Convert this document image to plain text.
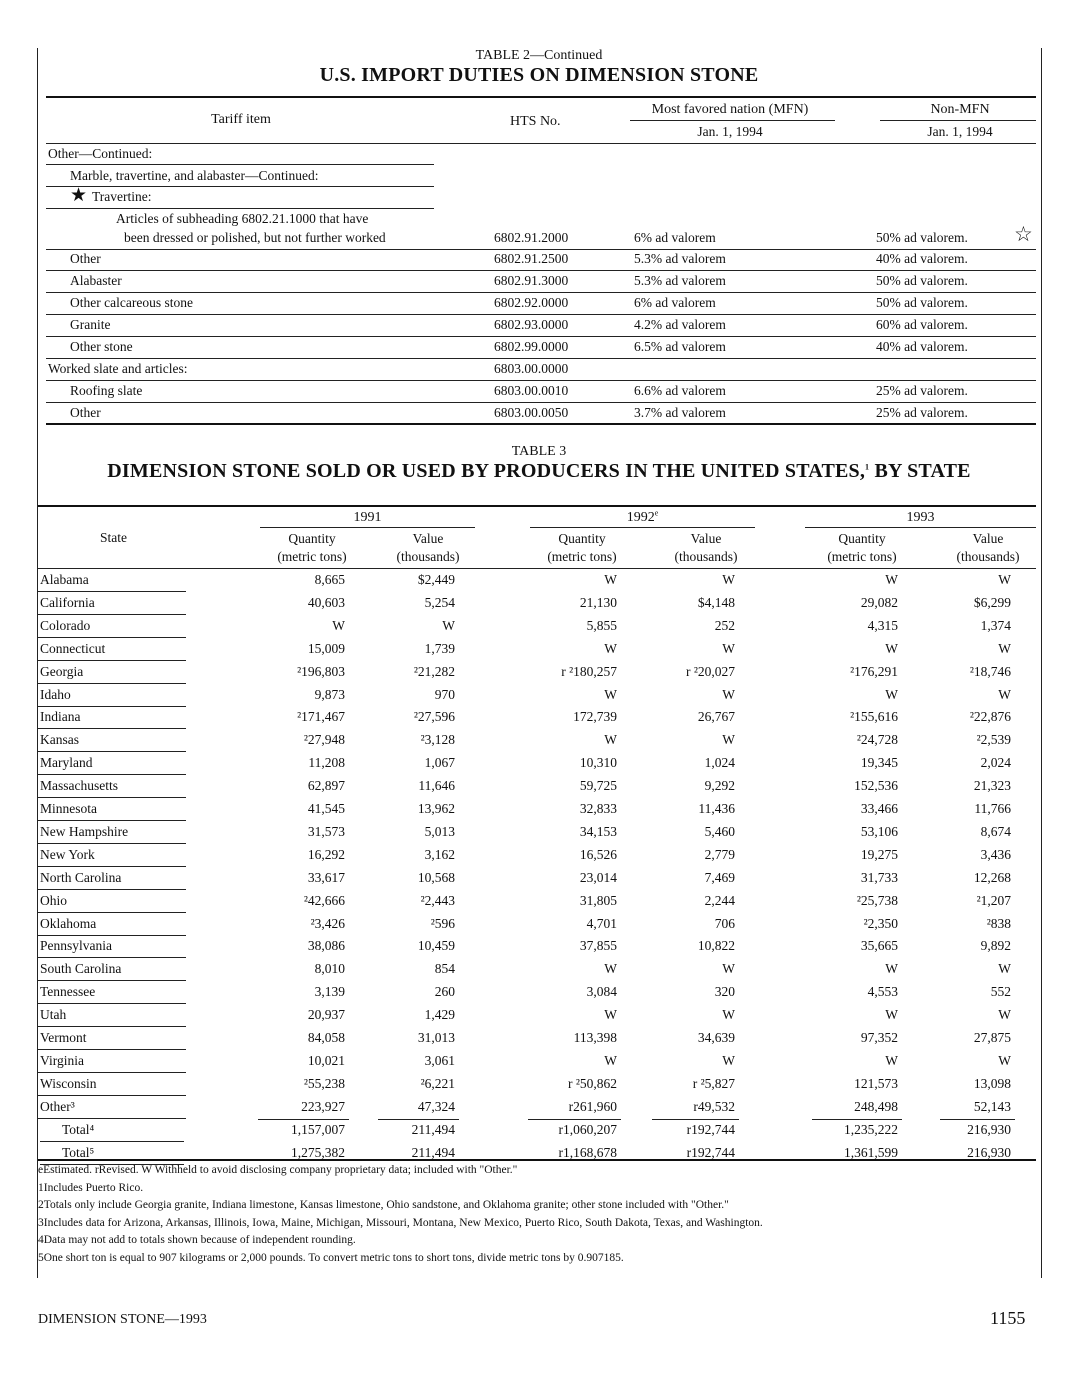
TABLE 2—Continued
U.S. IMPORT DUTIES ON DIMENSION STONE
Tariff item	HTS No.
Most favored nation (MFN)
Jan. 1, 1994
Non-MFN
Jan. 1, 1994
Other—Continued:
Marble, travertine, and alabaster—Continued:
★ Travertine:
Articles of subheading 6802.21.1000 that have
been dressed or polished, but not further worked	6802.91.2000	6% ad valorem	50% ad valorem. ☆
Other	6802.91.2500	5.3% ad valorem	40% ad valorem.
Alabaster	6802.91.3000	5.3% ad valorem	50% ad valorem.
Other calcareous stone	6802.92.0000	6% ad valorem	50% ad valorem.
Granite	6802.93.0000	4.2% ad valorem	60% ad valorem.
Other stone	6802.99.0000	6.5% ad valorem	40% ad valorem.
Worked slate and articles:	6803.00.0000
Roofing slate	6803.00.0010	6.6% ad valorem	25% ad valorem.
Other	6803.00.0050	3.7% ad valorem	25% ad valorem.
TABLE 3
DIMENSION STONE SOLD OR USED BY PRODUCERS IN THE UNITED STATES,$^1$ BY STATE
State
1991	1992e	1993
Quantity
(metric tons)
Value
(thousands)
Quantity
(metric tons)
Value
(thousands)
Quantity
(metric tons)
Value
(thousands)
Alabama	8,665	$2,449	W	W	W	W
California	40,603	5,254	21,130	$4,148	29,082	$6,299
Colorado	W	W	5,855	252	4,315	1,374
Connecticut	15,009	1,739	W	W	W	W
Georgia	²196,803	²21,282	r ²180,257	r ²20,027	²176,291	²18,746
Idaho	9,873	970	W	W	W	W
Indiana	²171,467	²27,596	172,739	26,767	²155,616	²22,876
Kansas	²27,948	²3,128	W	W	²24,728	²2,539
Maryland	11,208	1,067	10,310	1,024	19,345	2,024
Massachusetts	62,897	11,646	59,725	9,292	152,536	21,323
Minnesota	41,545	13,962	32,833	11,436	33,466	11,766
New Hampshire	31,573	5,013	34,153	5,460	53,106	8,674
New York	16,292	3,162	16,526	2,779	19,275	3,436
North Carolina	33,617	10,568	23,014	7,469	31,733	12,268
Ohio	²42,666	²2,443	31,805	2,244	²25,738	²1,207
Oklahoma	²3,426	²596	4,701	706	²2,350	²838
Pennsylvania	38,086	10,459	37,855	10,822	35,665	9,892
South Carolina	8,010	854	W	W	W	W
Tennessee	3,139	260	3,084	320	4,553	552
Utah	20,937	1,429	W	W	W	W
Vermont	84,058	31,013	113,398	34,639	97,352	27,875
Virginia	10,021	3,061	W	W	W	W
Wisconsin	²55,238	²6,221	r ²50,862	r ²5,827	121,573	13,098
Other³	223,927	47,324	r261,960	r49,532	248,498	52,143
Total⁴	1,157,007	211,494	r1,060,207	r192,744	1,235,222	216,930
Total⁵	1,275,382	211,494	r1,168,678	r192,744	1,361,599	216,930
eEstimated. rRevised. W Withheld to avoid disclosing company proprietary data; included with "Other."
1Includes Puerto Rico.
2Totals only include Georgia granite, Indiana limestone, Kansas limestone, Ohio sandstone, and Oklahoma granite; other stone included with "Other."
3Includes data for Arizona, Arkansas, Illinois, Iowa, Maine, Michigan, Missouri, Montana, New Mexico, Puerto Rico, South Dakota, Texas, and Washington.
4Data may not add to totals shown because of independent rounding.
5One short ton is equal to 907 kilograms or 2,000 pounds. To convert metric tons to short tons, divide metric tons by 0.907185.
DIMENSION STONE—1993	1155
